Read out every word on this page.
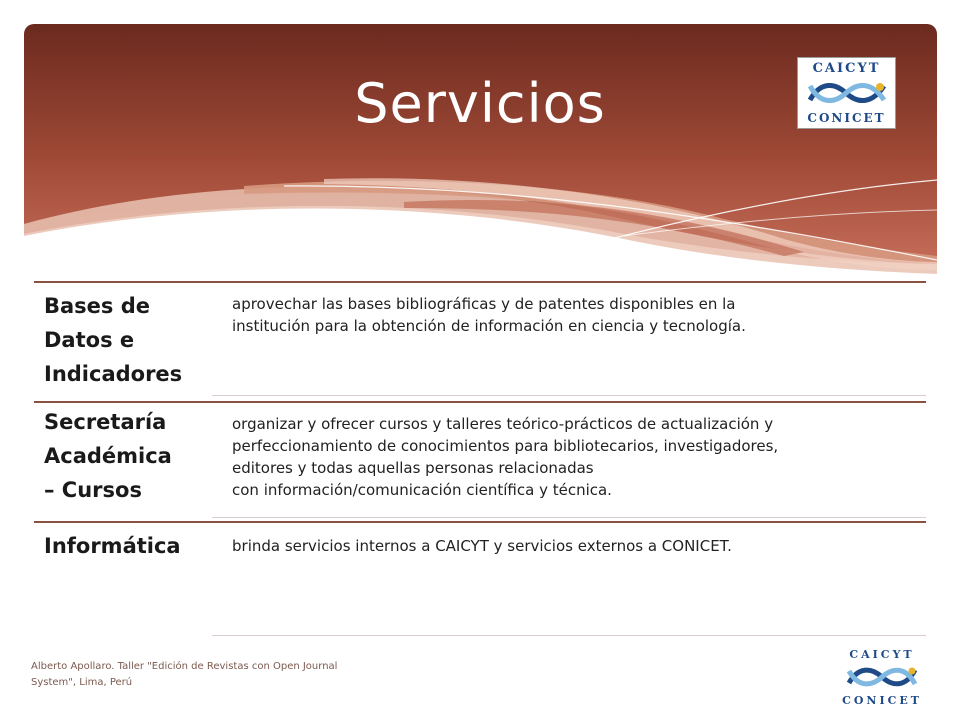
Servicios
CAICYT
CONICET
Bases de
Datos e
Indicadores
aprovechar las bases bibliográficas y de patentes disponibles en la
institución para la obtención de información en ciencia y tecnología.
Secretaría
Académica
– Cursos
organizar y ofrecer cursos y talleres teórico-prácticos de actualización y
perfeccionamiento de conocimientos para bibliotecarios, investigadores,
editores y todas aquellas personas relacionadas
con información/comunicación científica y técnica.
Informática	brinda servicios internos a CAICYT y servicios externos a CONICET.
Alberto Apollaro. Taller "Edición de Revistas con Open Journal
System", Lima, Perú
CAICYT
CONICET
